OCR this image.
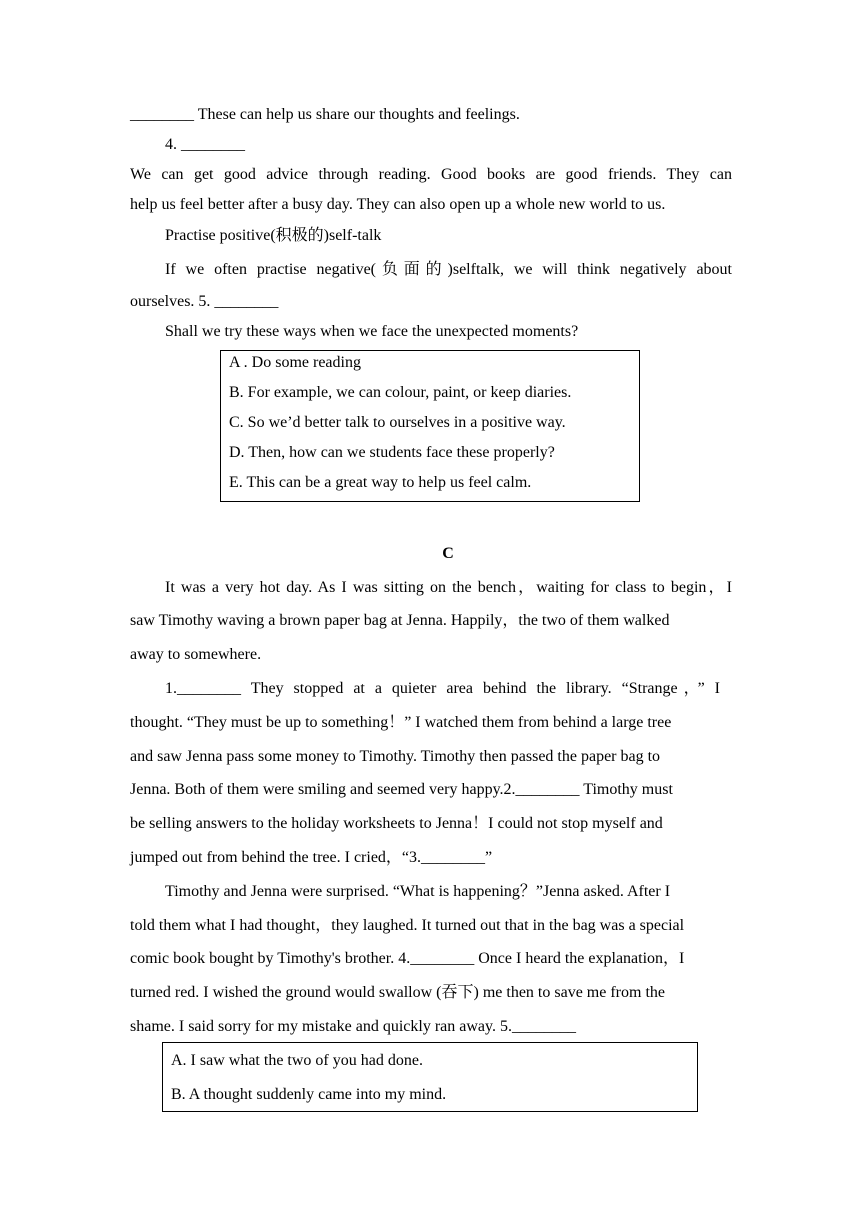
________ These can help us share our thoughts and feelings.
4. ________
We can get good advice through reading. Good books are good friends. They can
help us feel better after a busy day. They can also open up a whole new world to us.
Practise positive(积极的)self-talk
If we often practise negative(负面的)selftalk, we will think negatively about
ourselves. 5. ________
Shall we try these ways when we face the unexpected moments?
A . Do some reading
B. For example, we can colour, paint, or keep diaries.
C. So we’d better talk to ourselves in a positive way.
D. Then, how can we students face these properly?
E. This can be a great way to help us feel calm.
C
It was a very hot day. As I was sitting on the bench，waiting for class to begin，I
saw Timothy waving a brown paper bag at Jenna. Happily，the two of them walked
away to somewhere.
1.________ They stopped at a quieter area behind the library. “Strange，” I
thought. “They must be up to something！” I watched them from behind a large tree
and saw Jenna pass some money to Timothy. Timothy then passed the paper bag to
Jenna. Both of them were smiling and seemed very happy.2.________ Timothy must
be selling answers to the holiday worksheets to Jenna！I could not stop myself and
jumped out from behind the tree. I cried，“3.________”
Timothy and Jenna were surprised. “What is happening？”Jenna asked. After I
told them what I had thought，they laughed. It turned out that in the bag was a special
comic book bought by Timothy's brother. 4.________ Once I heard the explanation，I
turned red. I wished the ground would swallow (吞下) me then to save me from the
shame. I said sorry for my mistake and quickly ran away. 5.________
A. I saw what the two of you had done.
B. A thought suddenly came into my mind.
